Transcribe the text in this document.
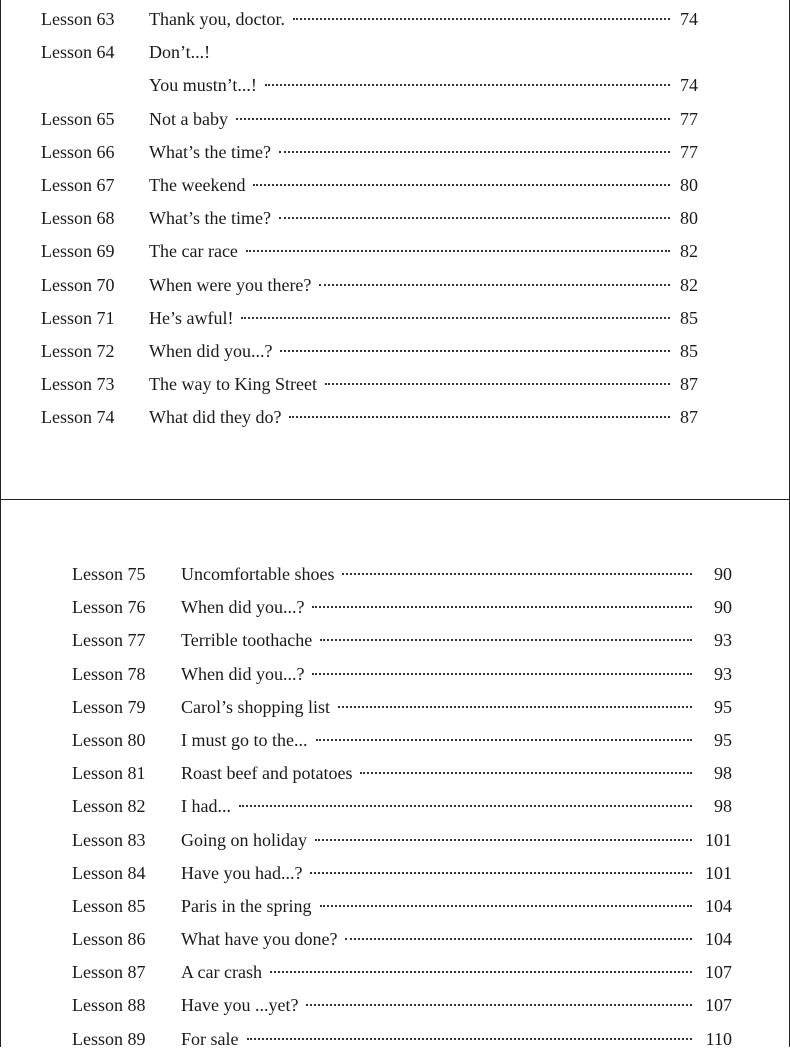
Lesson 63	Thank you, doctor.	74
Lesson 64	Don’t...!
You mustn’t...!	74
Lesson 65	Not a baby	77
Lesson 66	What’s the time?	77
Lesson 67	The weekend	80
Lesson 68	What’s the time?	80
Lesson 69	The car race	82
Lesson 70	When were you there?	82
Lesson 71	He’s awful!	85
Lesson 72	When did you...?	85
Lesson 73	The way to King Street	87
Lesson 74	What did they do?	87
Lesson 75	Uncomfortable shoes	90
Lesson 76	When did you...?	90
Lesson 77	Terrible toothache	93
Lesson 78	When did you...?	93
Lesson 79	Carol’s shopping list	95
Lesson 80	I must go to the...	95
Lesson 81	Roast beef and potatoes	98
Lesson 82	I had...	98
Lesson 83	Going on holiday	101
Lesson 84	Have you had...?	101
Lesson 85	Paris in the spring	104
Lesson 86	What have you done?	104
Lesson 87	A car crash	107
Lesson 88	Have you ...yet?	107
Lesson 89	For sale	110
